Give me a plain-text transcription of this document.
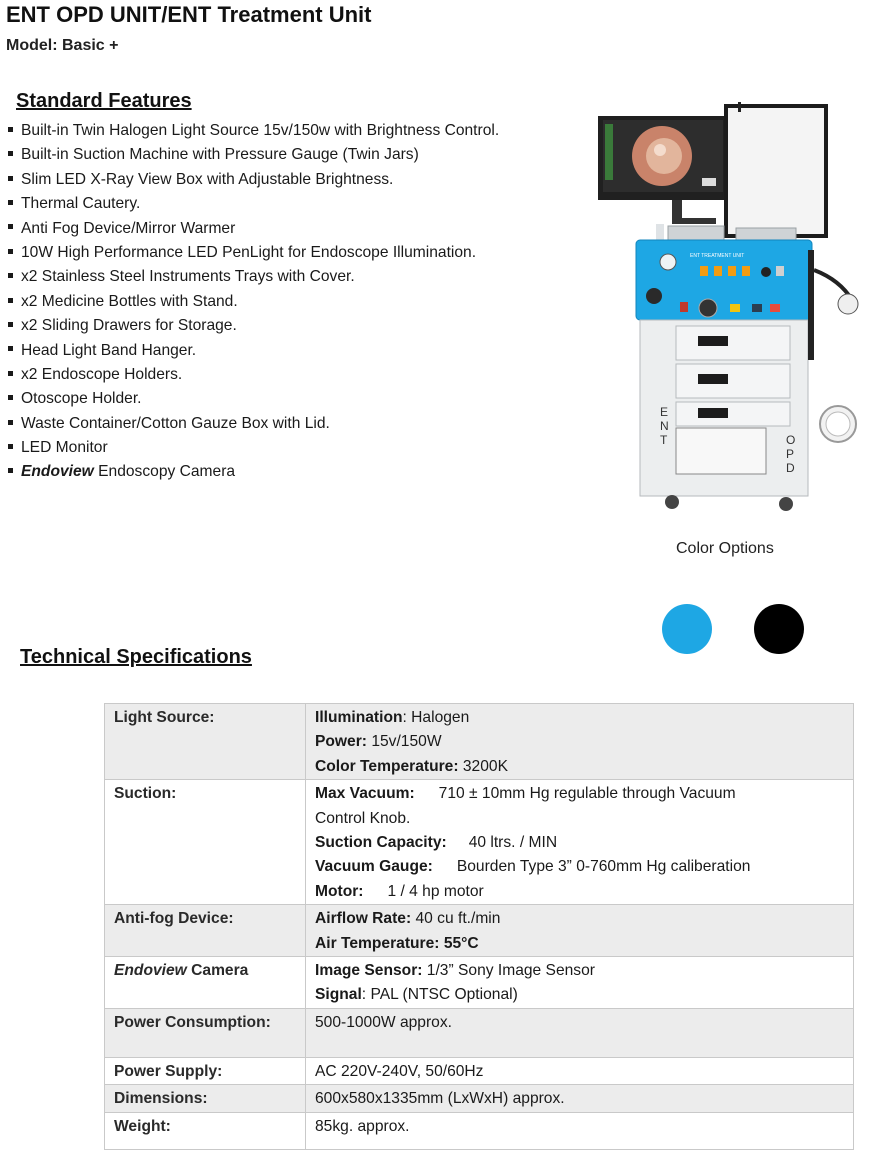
ENT OPD UNIT/ENT Treatment Unit
Model: Basic +
Standard Features
Built-in Twin Halogen Light Source 15v/150w with Brightness Control.
Built-in Suction Machine with Pressure Gauge (Twin Jars)
Slim LED X-Ray View Box with Adjustable Brightness.
Thermal Cautery.
Anti Fog Device/Mirror Warmer
10W High Performance LED PenLight for Endoscope Illumination.
x2 Stainless Steel Instruments Trays with Cover.
x2 Medicine Bottles with Stand.
x2 Sliding Drawers for Storage.
Head Light Band Hanger.
x2 Endoscope Holders.
Otoscope Holder.
Waste Container/Cotton Gauze Box with Lid.
LED Monitor
Endoview Endoscopy Camera
ENT TREATMENT UNIT
E
N
T	O
P
D
Color Options
Technical Specifications
Light Source:	Illumination: Halogen
Power: 15v/150W
Color Temperature: 3200K

Suction:	Max Vacuum: 710 ± 10mm Hg regulable through Vacuum
Control Knob.
Suction Capacity: 40 ltrs. / MIN
Vacuum Gauge: Bourden Type 3” 0-760mm Hg caliberation
Motor: 1 / 4 hp motor

Anti-fog Device:	Airflow Rate: 40 cu ft./min
Air Temperature: 55°C

Endoview Camera	Image Sensor: 1/3” Sony Image Sensor
Signal: PAL (NTSC Optional)

Power Consumption:	500-1000W approx.
Power Supply:	AC 220V-240V, 50/60Hz
Dimensions:	600x580x1335mm (LxWxH) approx.
Weight:	85kg. approx.
